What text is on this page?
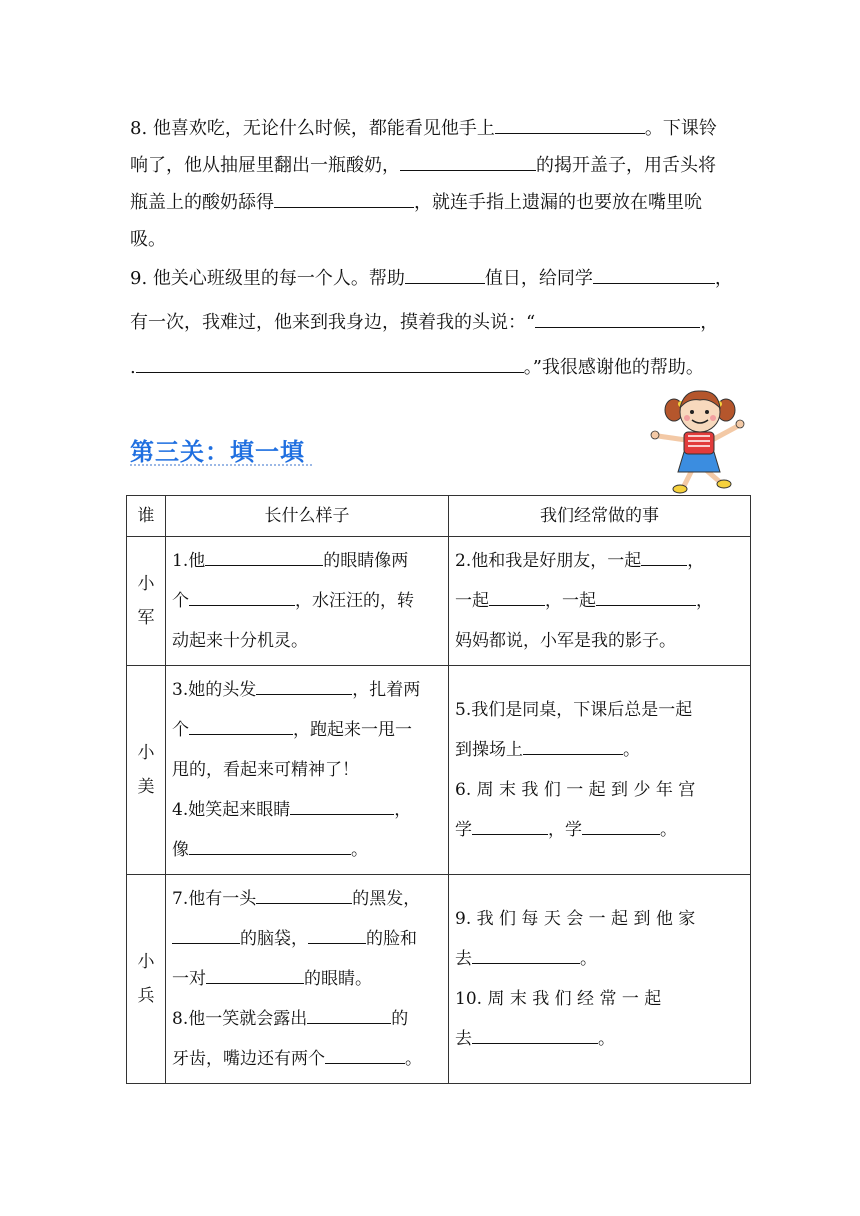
8. 他喜欢吃，无论什么时候，都能看见他手上	。下课铃
响了，他从抽屉里翻出一瓶酸奶，	的揭开盖子，用舌头将
瓶盖上的酸奶舔得	，就连手指上遗漏的也要放在嘴里吮
吸。
9. 他关心班级里的每一个人。帮助	值日，给同学	，
有一次，我难过，他来到我身边，摸着我的头说：“	，
.	。”我很感谢他的帮助。
第三关：填一填
谁	长什么样子	我们经常做的事

小军	1.他 的眼睛像两
个 ，水汪汪的，转
动起来十分机灵。	2.他和我是好朋友，一起 ，
一起 ，一起 ，
妈妈都说，小军是我的影子。

小美	3.她的头发 ，扎着两
个 ，跑起来一甩一
甩的，看起来可精神了！
4.她笑起来眼睛 ，
像 。	5.我们是同桌，下课后总是一起
到操场上 。
6. 周 末 我 们 一 起 到 少 年 宫
学 ，学 。

小兵	7.他有一头 的黑发，
的脑袋， 的脸和
一对 的眼睛。
8.他一笑就会露出 的
牙齿，嘴边还有两个 。	9. 我 们 每 天 会 一 起 到 他 家
去 。
10. 周 末 我 们 经 常 一 起
去 。
